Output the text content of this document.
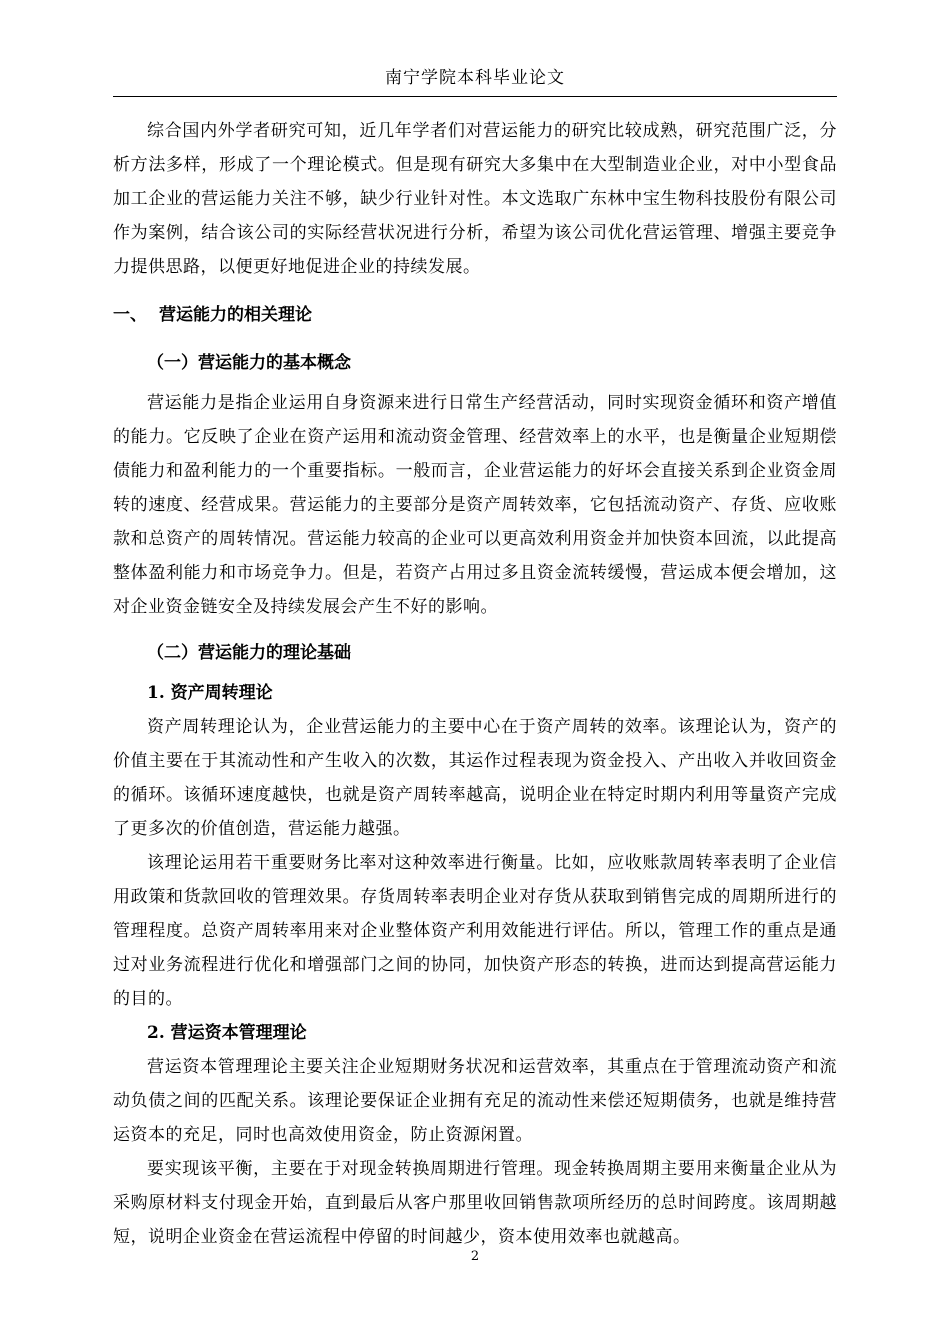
南宁学院本科毕业论文

综合国内外学者研究可知，近几年学者们对营运能力的研究比较成熟，研究范围广泛，分析方法多样，形成了一个理论模式。但是现有研究大多集中在大型制造业企业，对中小型食品加工企业的营运能力关注不够，缺少行业针对性。本文选取广东林中宝生物科技股份有限公司作为案例，结合该公司的实际经营状况进行分析，希望为该公司优化营运管理、增强主要竞争力提供思路，以便更好地促进企业的持续发展。

一、 营运能力的相关理论
（一）营运能力的基本概念

营运能力是指企业运用自身资源来进行日常生产经营活动，同时实现资金循环和资产增值的能力。它反映了企业在资产运用和流动资金管理、经营效率上的水平，也是衡量企业短期偿债能力和盈利能力的一个重要指标。一般而言，企业营运能力的好坏会直接关系到企业资金周转的速度、经营成果。营运能力的主要部分是资产周转效率，它包括流动资产、存货、应收账款和总资产的周转情况。营运能力较高的企业可以更高效利用资金并加快资本回流，以此提高整体盈利能力和市场竞争力。但是，若资产占用过多且资金流转缓慢，营运成本便会增加，这对企业资金链安全及持续发展会产生不好的影响。

（二）营运能力的理论基础
1. 资产周转理论

资产周转理论认为，企业营运能力的主要中心在于资产周转的效率。该理论认为，资产的价值主要在于其流动性和产生收入的次数，其运作过程表现为资金投入、产出收入并收回资金的循环。该循环速度越快，也就是资产周转率越高，说明企业在特定时期内利用等量资产完成了更多次的价值创造，营运能力越强。

该理论运用若干重要财务比率对这种效率进行衡量。比如，应收账款周转率表明了企业信用政策和货款回收的管理效果。存货周转率表明企业对存货从获取到销售完成的周期所进行的管理程度。总资产周转率用来对企业整体资产利用效能进行评估。所以，管理工作的重点是通过对业务流程进行优化和增强部门之间的协同，加快资产形态的转换，进而达到提高营运能力的目的。

2. 营运资本管理理论

营运资本管理理论主要关注企业短期财务状况和运营效率，其重点在于管理流动资产和流动负债之间的匹配关系。该理论要保证企业拥有充足的流动性来偿还短期债务，也就是维持营运资本的充足，同时也高效使用资金，防止资源闲置。

要实现该平衡，主要在于对现金转换周期进行管理。现金转换周期主要用来衡量企业从为采购原材料支付现金开始，直到最后从客户那里收回销售款项所经历的总时间跨度。该周期越短，说明企业资金在营运流程中停留的时间越少，资本使用效率也就越高。

2
